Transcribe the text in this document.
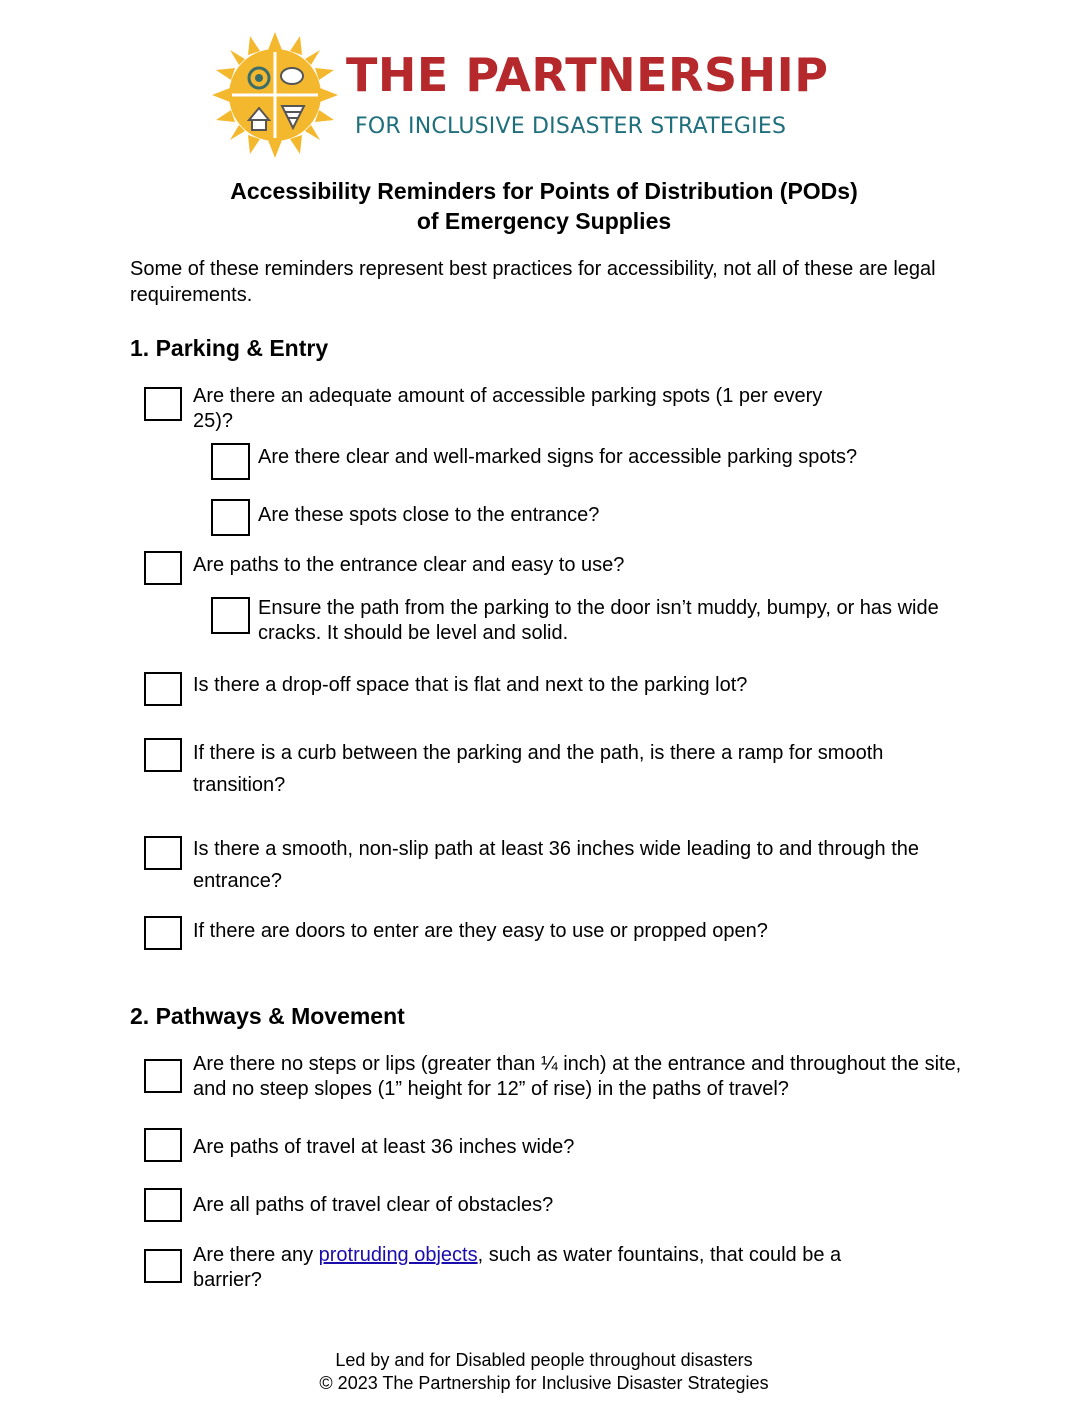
THE PARTNERSHIP
FOR INCLUSIVE DISASTER STRATEGIES
Accessibility Reminders for Points of Distribution (PODs)
of Emergency Supplies
Some of these reminders represent best practices for accessibility, not all of these are legal requirements.
1. Parking & Entry
Are there an adequate amount of accessible parking spots (1 per every 25)?
Are there clear and well-marked signs for accessible parking spots?
Are these spots close to the entrance?
Are paths to the entrance clear and easy to use?
Ensure the path from the parking to the door isn’t muddy, bumpy, or has wide cracks. It should be level and solid.
Is there a drop-off space that is flat and next to the parking lot?
If there is a curb between the parking and the path, is there a ramp for smooth transition?
Is there a smooth, non-slip path at least 36 inches wide leading to and through the entrance?
If there are doors to enter are they easy to use or propped open?
2. Pathways & Movement
Are there no steps or lips (greater than ¼ inch) at the entrance and throughout the site, and no steep slopes (1” height for 12” of rise) in the paths of travel?
Are paths of travel at least 36 inches wide?
Are all paths of travel clear of obstacles?
Are there any protruding objects, such as water fountains, that could be a barrier?
Led by and for Disabled people throughout disasters
© 2023 The Partnership for Inclusive Disaster Strategies
